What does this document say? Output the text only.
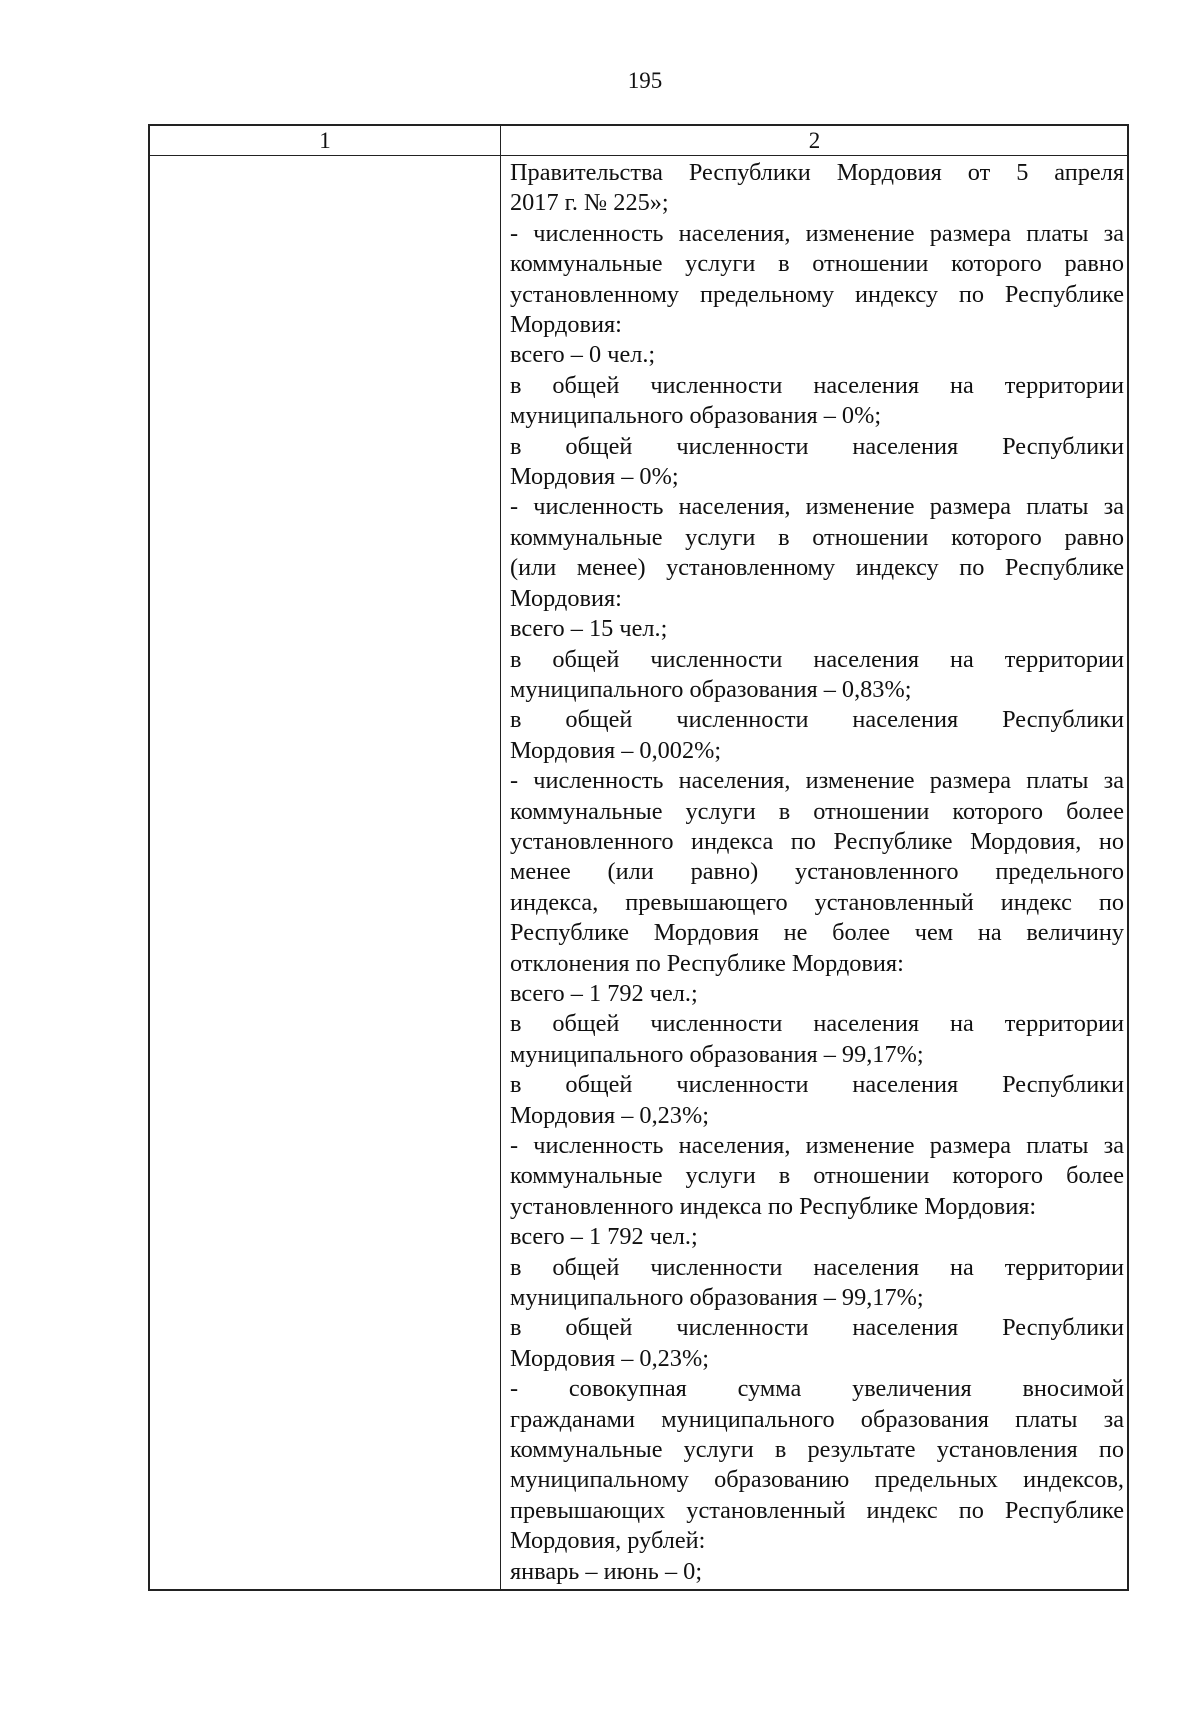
195
1	2
Правительства Республики Мордовия от 5 апреля
2017 г. № 225»;
- численность населения, изменение размера платы за
коммунальные услуги в отношении которого равно
установленному предельному индексу по Республике
Мордовия:
всего – 0 чел.;
в общей численности населения на территории
муниципального образования – 0%;
в общей численности населения Республики
Мордовия – 0%;
- численность населения, изменение размера платы за
коммунальные услуги в отношении которого равно
(или менее) установленному индексу по Республике
Мордовия:
всего – 15 чел.;
в общей численности населения на территории
муниципального образования – 0,83%;
в общей численности населения Республики
Мордовия – 0,002%;
- численность населения, изменение размера платы за
коммунальные услуги в отношении которого более
установленного индекса по Республике Мордовия, но
менее (или равно) установленного предельного
индекса, превышающего установленный индекс по
Республике Мордовия не более чем на величину
отклонения по Республике Мордовия:
всего – 1 792 чел.;
в общей численности населения на территории
муниципального образования – 99,17%;
в общей численности населения Республики
Мордовия – 0,23%;
- численность населения, изменение размера платы за
коммунальные услуги в отношении которого более
установленного индекса по Республике Мордовия:
всего – 1 792 чел.;
в общей численности населения на территории
муниципального образования – 99,17%;
в общей численности населения Республики
Мордовия – 0,23%;
- совокупная сумма увеличения вносимой
гражданами муниципального образования платы за
коммунальные услуги в результате установления по
муниципальному образованию предельных индексов,
превышающих установленный индекс по Республике
Мордовия, рублей:
январь – июнь – 0;
